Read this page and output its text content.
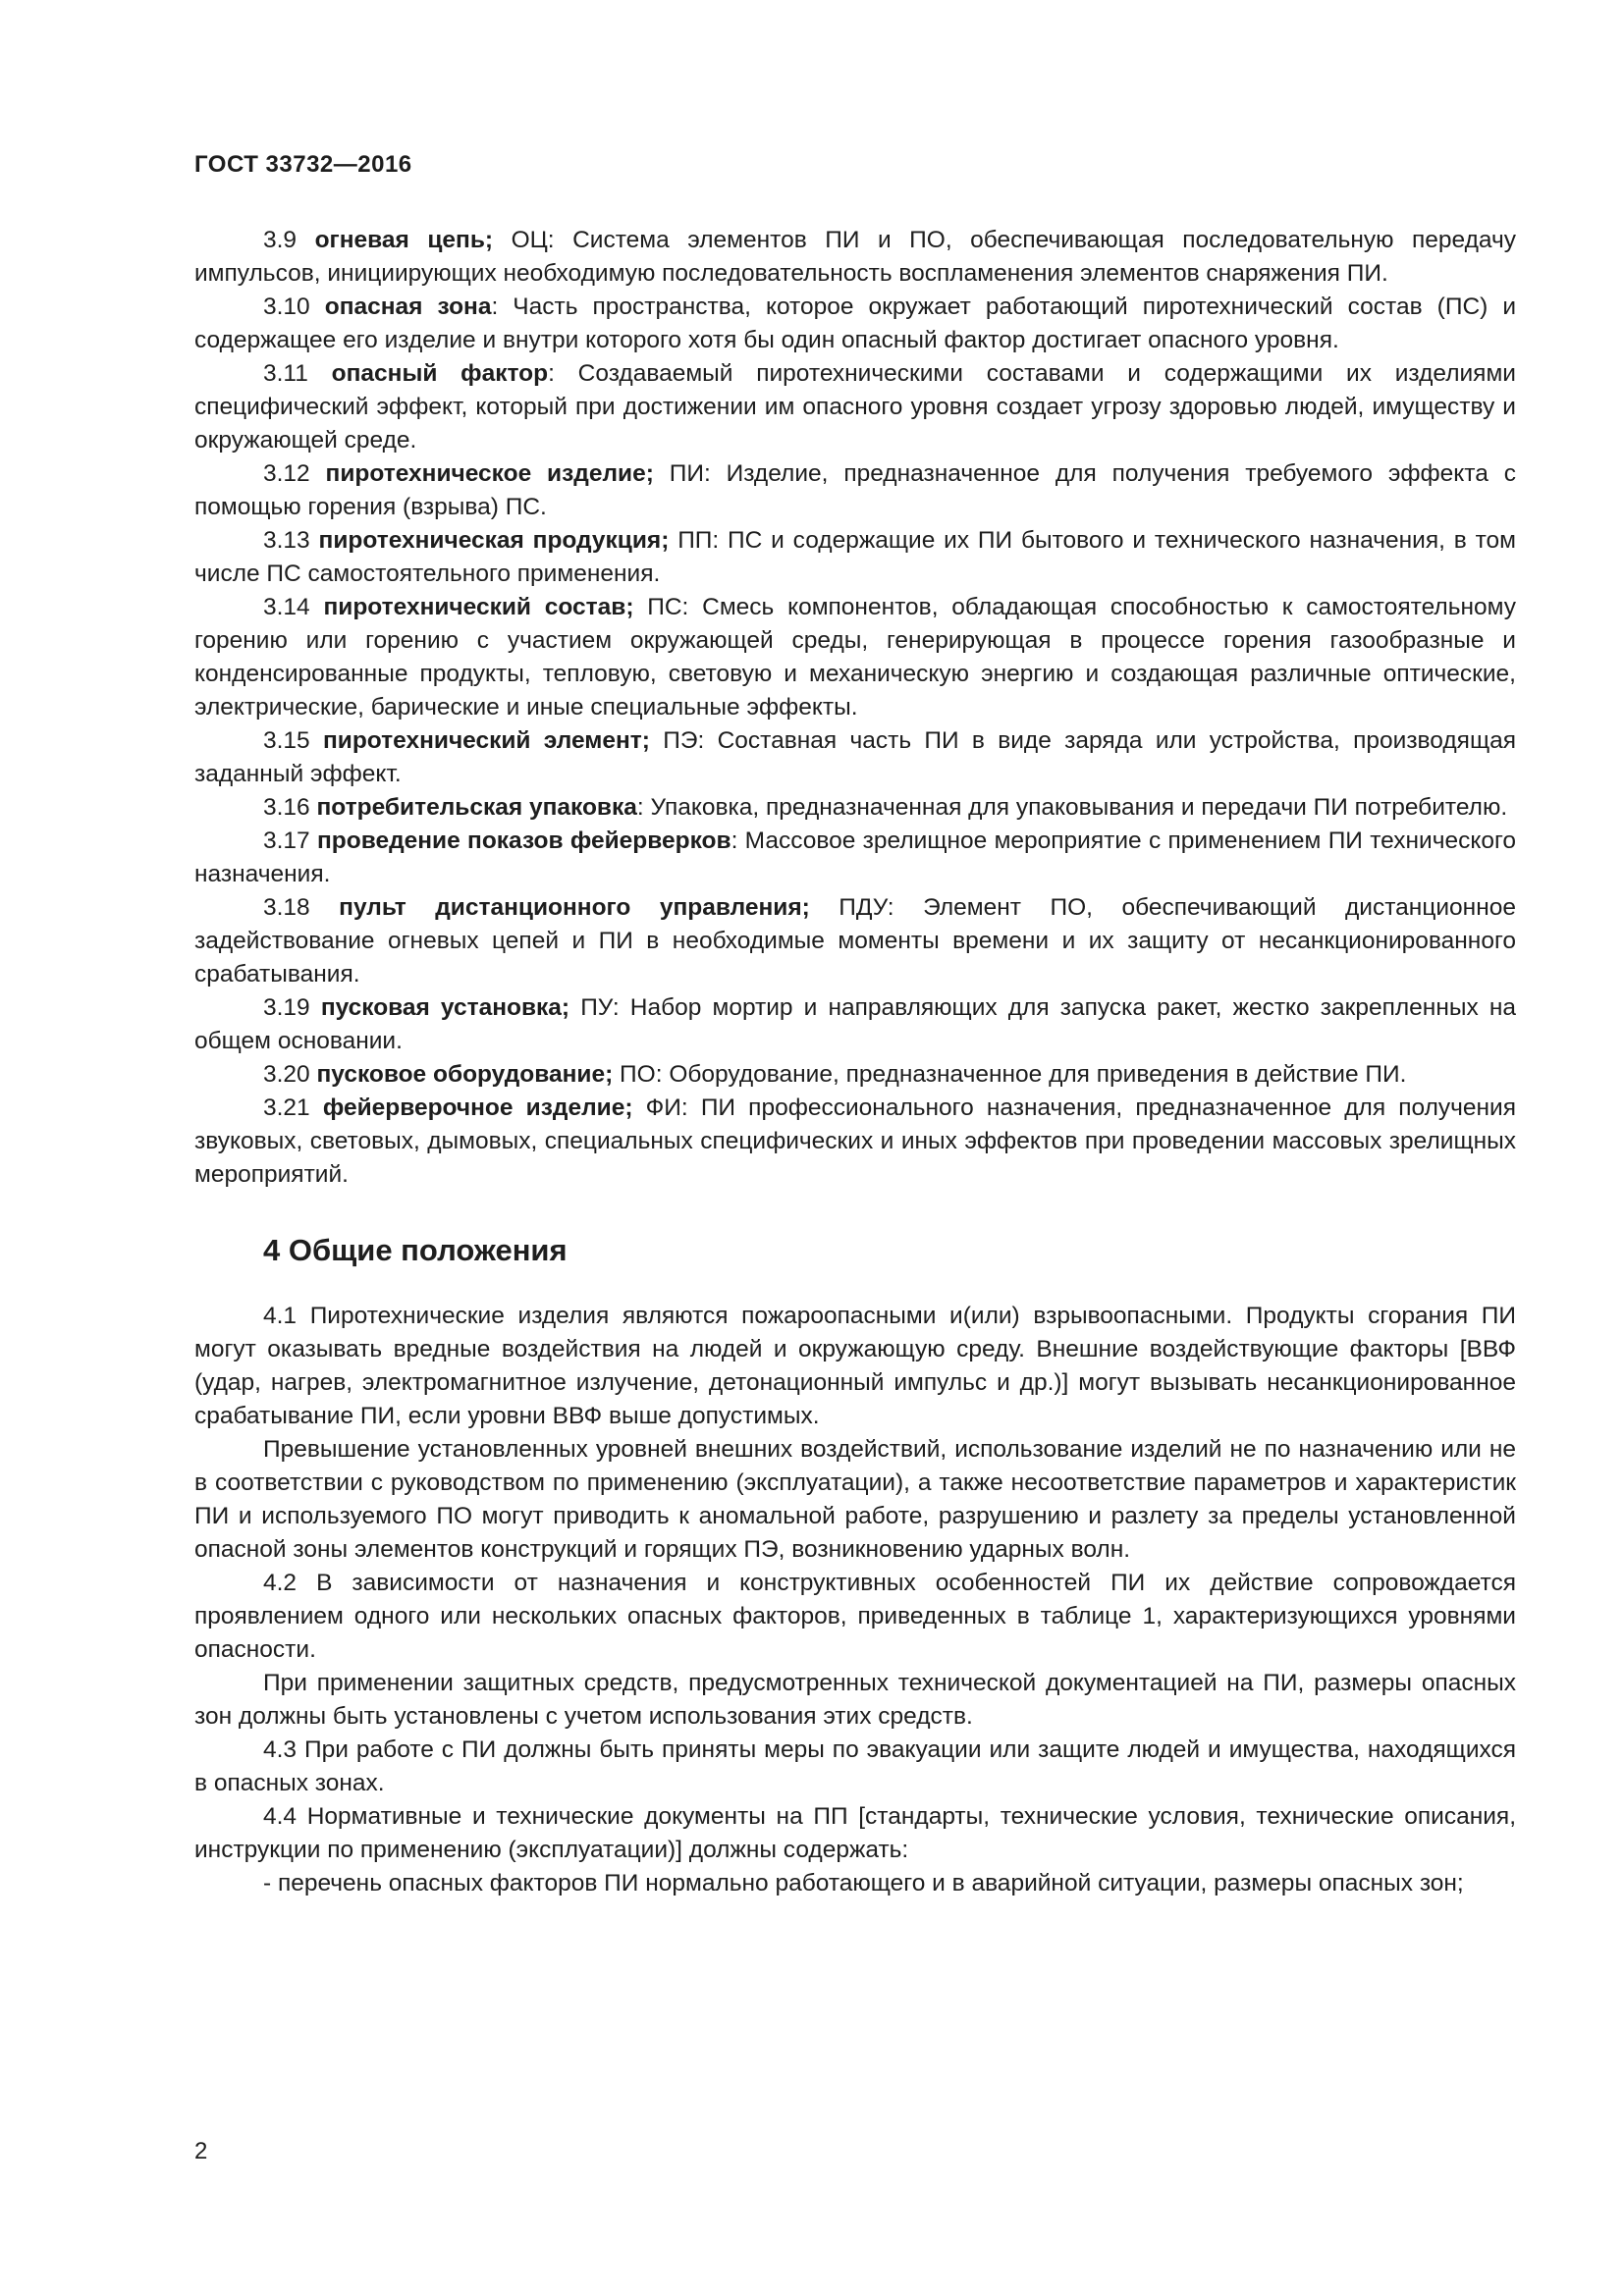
ГОСТ 33732—2016

3.9 огневая цепь; ОЦ: Система элементов ПИ и ПО, обеспечивающая последовательную передачу импульсов, инициирующих необходимую последовательность воспламенения элементов снаряжения ПИ.

3.10 опасная зона: Часть пространства, которое окружает работающий пиротехнический состав (ПС) и содержащее его изделие и внутри которого хотя бы один опасный фактор достигает опасного уровня.

3.11 опасный фактор: Создаваемый пиротехническими составами и содержащими их изделиями специфический эффект, который при достижении им опасного уровня создает угрозу здоровью людей, имуществу и окружающей среде.

3.12 пиротехническое изделие; ПИ: Изделие, предназначенное для получения требуемого эффекта с помощью горения (взрыва) ПС.

3.13 пиротехническая продукция; ПП: ПС и содержащие их ПИ бытового и технического назначения, в том числе ПС самостоятельного применения.

3.14 пиротехнический состав; ПС: Смесь компонентов, обладающая способностью к самостоятельному горению или горению с участием окружающей среды, генерирующая в процессе горения газообразные и конденсированные продукты, тепловую, световую и механическую энергию и создающая различные оптические, электрические, барические и иные специальные эффекты.

3.15 пиротехнический элемент; ПЭ: Составная часть ПИ в виде заряда или устройства, производящая заданный эффект.

3.16 потребительская упаковка: Упаковка, предназначенная для упаковывания и передачи ПИ потребителю.

3.17 проведение показов фейерверков: Массовое зрелищное мероприятие с применением ПИ технического назначения.

3.18 пульт дистанционного управления; ПДУ: Элемент ПО, обеспечивающий дистанционное задействование огневых цепей и ПИ в необходимые моменты времени и их защиту от несанкционированного срабатывания.

3.19 пусковая установка; ПУ: Набор мортир и направляющих для запуска ракет, жестко закрепленных на общем основании.

3.20 пусковое оборудование; ПО: Оборудование, предназначенное для приведения в действие ПИ.

3.21 фейерверочное изделие; ФИ: ПИ профессионального назначения, предназначенное для получения звуковых, световых, дымовых, специальных специфических и иных эффектов при проведении массовых зрелищных мероприятий.

4 Общие положения

4.1 Пиротехнические изделия являются пожароопасными и(или) взрывоопасными. Продукты сгорания ПИ могут оказывать вредные воздействия на людей и окружающую среду. Внешние воздействующие факторы [ВВФ (удар, нагрев, электромагнитное излучение, детонационный импульс и др.)] могут вызывать несанкционированное срабатывание ПИ, если уровни ВВФ выше допустимых.

Превышение установленных уровней внешних воздействий, использование изделий не по назначению или не в соответствии с руководством по применению (эксплуатации), а также несоответствие параметров и характеристик ПИ и используемого ПО могут приводить к аномальной работе, разрушению и разлету за пределы установленной опасной зоны элементов конструкций и горящих ПЭ, возникновению ударных волн.

4.2 В зависимости от назначения и конструктивных особенностей ПИ их действие сопровождается проявлением одного или нескольких опасных факторов, приведенных в таблице 1, характеризующихся уровнями опасности.

При применении защитных средств, предусмотренных технической документацией на ПИ, размеры опасных зон должны быть установлены с учетом использования этих средств.

4.3 При работе с ПИ должны быть приняты меры по эвакуации или защите людей и имущества, находящихся в опасных зонах.

4.4 Нормативные и технические документы на ПП [стандарты, технические условия, технические описания, инструкции по применению (эксплуатации)] должны содержать:

- перечень опасных факторов ПИ нормально работающего и в аварийной ситуации, размеры опасных зон;

2
